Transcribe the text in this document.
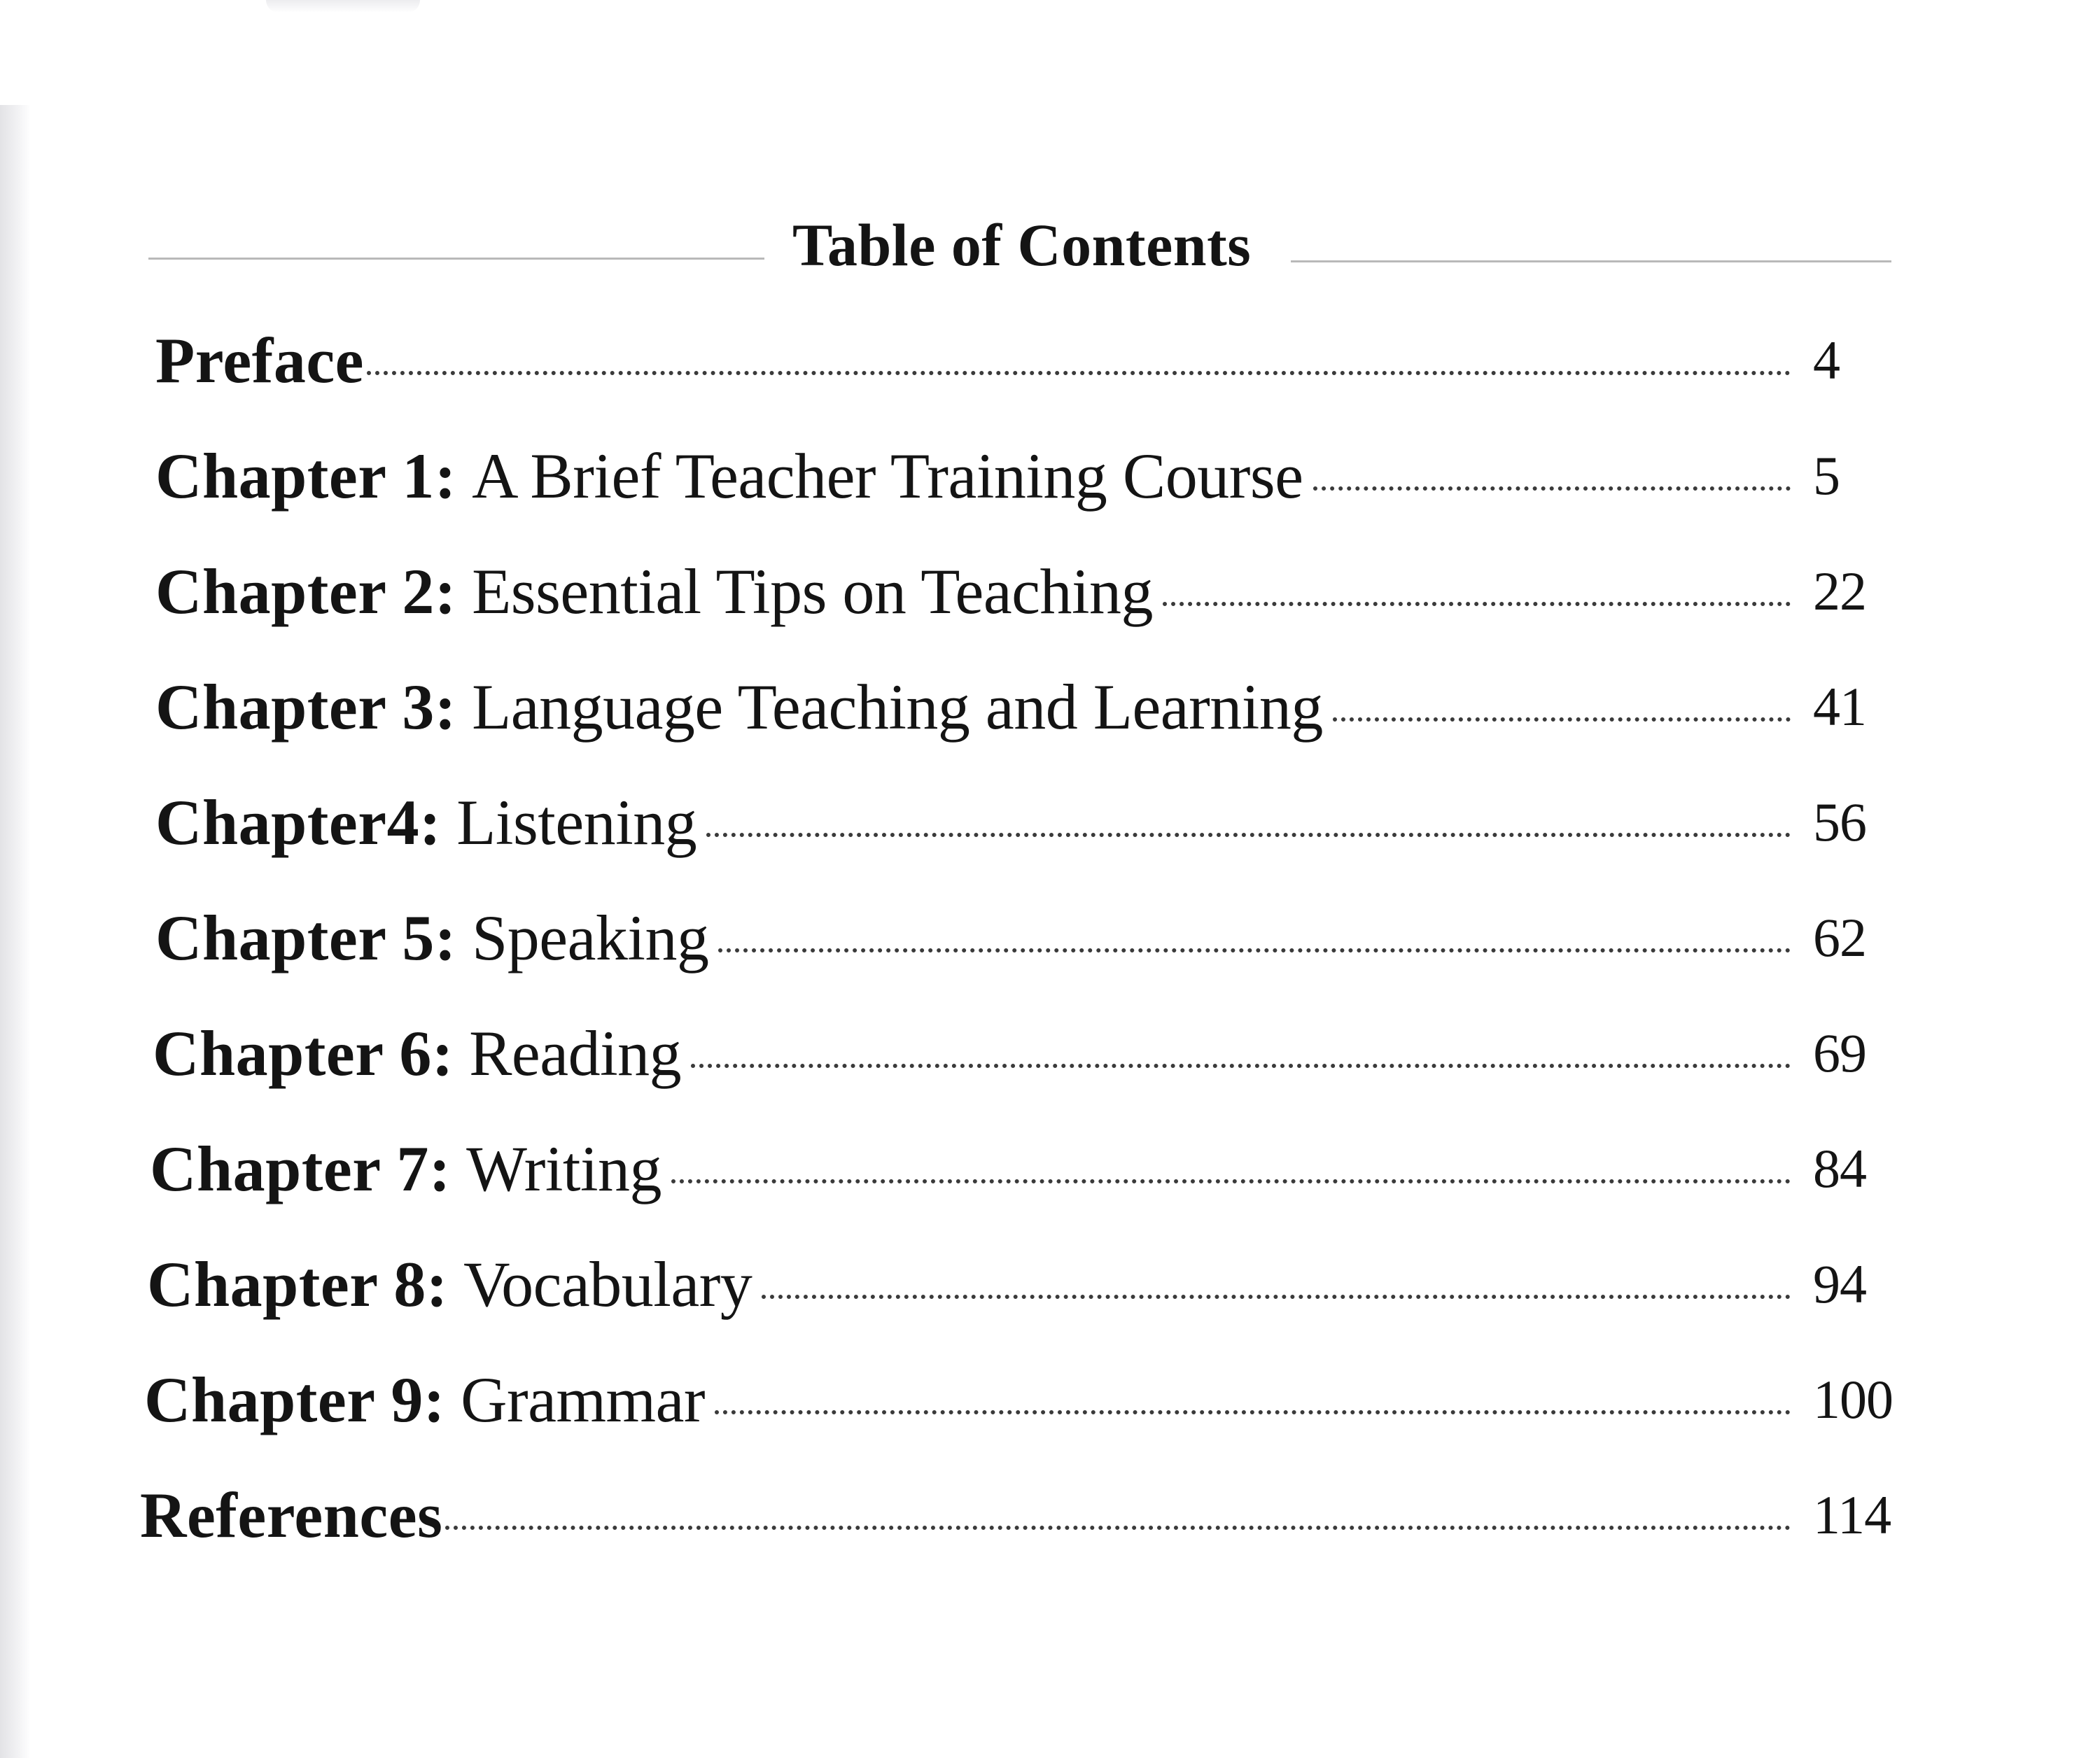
Table of Contents
Preface	4
Chapter 1: A Brief Teacher Training Course	5
Chapter 2: Essential Tips on Teaching	22
Chapter 3: Language Teaching and Learning	41
Chapter4: Listening	56
Chapter 5: Speaking	62
Chapter 6: Reading	69
Chapter 7: Writing	84
Chapter 8: Vocabulary	94
Chapter 9: Grammar	100
References	114
